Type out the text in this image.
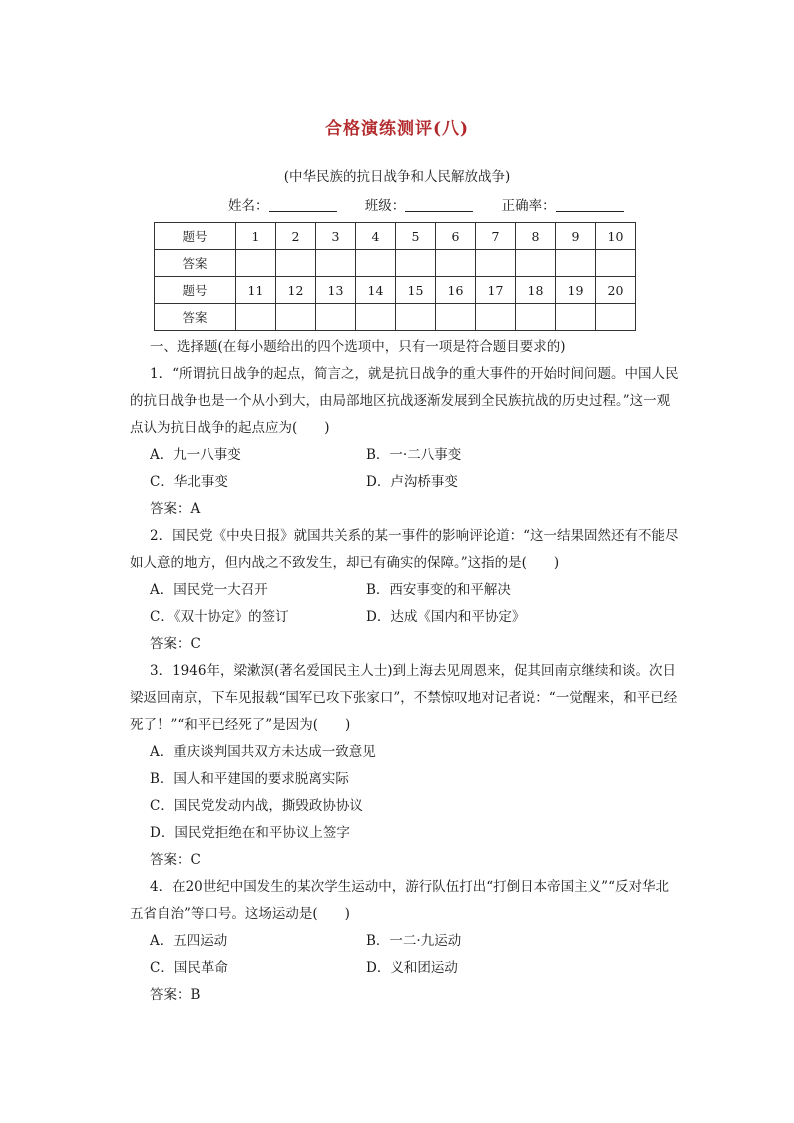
合格演练测评(八)
(中华民族的抗日战争和人民解放战争)
姓名：	班级：	正确率：
题号	1	2	3	4	5	6	7	8	9	10
答案										
题号	11	12	13	14	15	16	17	18	19	20
答案										

一、选择题(在每小题给出的四个选项中，只有一项是符合题目要求的)

1．“所谓抗日战争的起点，简言之，就是抗日战争的重大事件的开始时间问题。中国人民的抗日战争也是一个从小到大，由局部地区抗战逐渐发展到全民族抗战的历史过程。”这一观点认为抗日战争的起点应为(　　)

A．九一八事变	B．一·二八事变
C．华北事变	D．卢沟桥事变

答案：A

2．国民党《中央日报》就国共关系的某一事件的影响评论道：“这一结果固然还有不能尽如人意的地方，但内战之不致发生，却已有确实的保障。”这指的是(　　)

A．国民党一大召开	B．西安事变的和平解决
C．《双十协定》的签订	D．达成《国内和平协定》

答案：C

3．1946年，梁漱溟(著名爱国民主人士)到上海去见周恩来，促其回南京继续和谈。次日梁返回南京，下车见报载“国军已攻下张家口”，不禁惊叹地对记者说：“一觉醒来，和平已经死了！”“和平已经死了”是因为(　　)

A．重庆谈判国共双方未达成一致意见

B．国人和平建国的要求脱离实际

C．国民党发动内战，撕毁政协协议

D．国民党拒绝在和平协议上签字

答案：C

4．在20世纪中国发生的某次学生运动中，游行队伍打出“打倒日本帝国主义”“反对华北五省自治”等口号。这场运动是(　　)

A．五四运动	B．一二·九运动
C．国民革命	D．义和团运动

答案：B
